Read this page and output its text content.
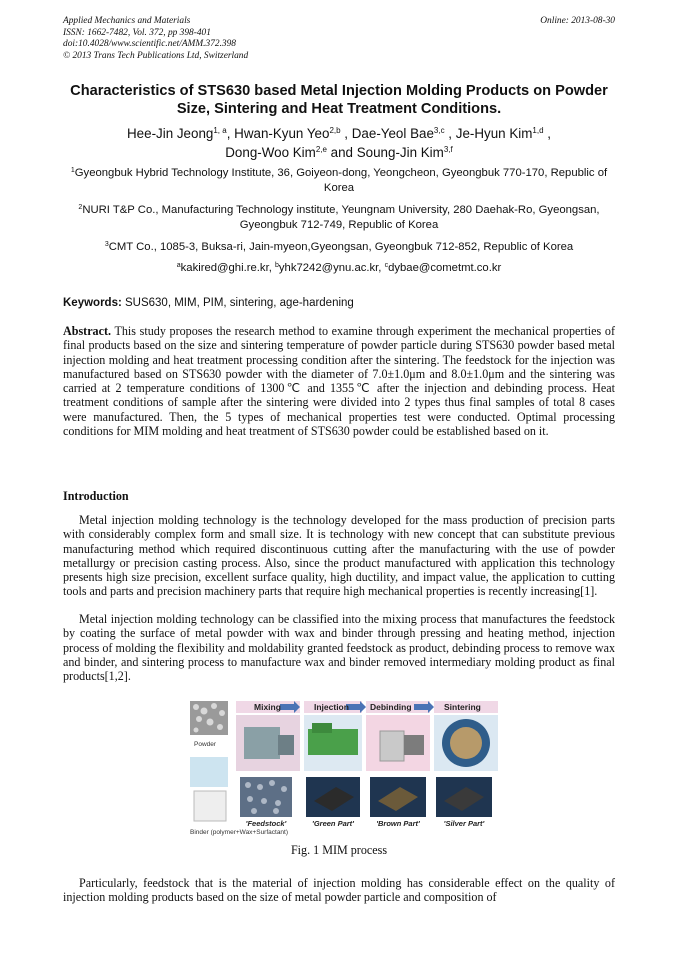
Applied Mechanics and Materials
ISSN: 1662-7482, Vol. 372, pp 398-401
doi:10.4028/www.scientific.net/AMM.372.398
© 2013 Trans Tech Publications Ltd, Switzerland
Online: 2013-08-30
Characteristics of STS630 based Metal Injection Molding Products on Powder Size, Sintering and Heat Treatment Conditions.
Hee-Jin Jeong$^{1, a}$, Hwan-Kyun Yeo$^{2,b}$ , Dae-Yeol Bae$^{3,c}$ , Je-Hyun Kim$^{1,d}$ ,
Dong-Woo Kim$^{2,e}$ and Soung-Jin Kim$^{3,f}$
$^1$Gyeongbuk Hybrid Technology Institute, 36, Goiyeon-dong, Yeongcheon, Gyeongbuk 770-170, Republic of Korea
$^2$NURI T&P Co., Manufacturing Technology institute, Yeungnam University, 280 Daehak-Ro, Gyeongsan, Gyeongbuk 712-749, Republic of Korea
$^3$CMT Co., 1085-3, Buksa-ri, Jain-myeon,Gyeongsan, Gyeongbuk 712-852, Republic of Korea
$^a$kakired@ghi.re.kr, $^b$yhk7242@ynu.ac.kr, $^c$dybae@cometmt.co.kr
Keywords: SUS630, MIM, PIM, sintering, age-hardening
Abstract. This study proposes the research method to examine through experiment the mechanical properties of final products based on the size and sintering temperature of powder particle during STS630 powder based metal injection molding and heat treatment processing condition after the sintering. The feedstock for the injection was manufactured based on STS630 powder with the diameter of 7.0±1.0μm and 8.0±1.0μm and the sintering was carried at 2 temperature conditions of 1300℃ and 1355℃ after the injection and debinding process. Heat treatment conditions of sample after the sintering were divided into 2 types thus final samples of total 8 cases were manufactured. Then, the 5 types of mechanical properties test were conducted. Optimal processing conditions for MIM molding and heat treatment of STS630 powder could be established based on it.
Introduction
Metal injection molding technology is the technology developed for the mass production of precision parts with considerably complex form and small size. It is technology with new concept that can substitute previous manufacturing method which required discontinuous cutting after the manufacturing with the use of powder metallurgy or precision casting process. Also, since the product manufactured with application this technology presents high size precision, excellent surface quality, high ductility, and impact value, the application to cutting tools and parts and precision machinery parts that require high mechanical properties is recently increasing[1].
Metal injection molding technology can be classified into the mixing process that manufactures the feedstock by coating the surface of metal powder with wax and binder through pressing and heating method, injection process of molding the flexibility and moldability granted feedstock as product, debinding process to remove wax and binder, and sintering process to manufacture wax and binder removed intermediary molding product as final products[1,2].
Mixing	Injection Debinding	Sintering
Powder
Binder (polymer+Wax+Surfactant)
'Feedstock'	'Green Part'	'Brown Part'	'Silver Part'
Fig. 1 MIM process
Particularly, feedstock that is the material of injection molding has considerable effect on the quality of injection molding products based on the size of metal powder particle and composition of
